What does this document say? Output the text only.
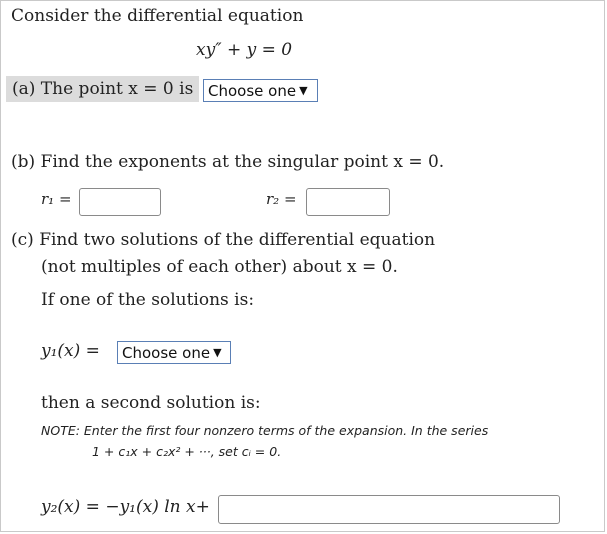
Consider the differential equation
xy″ + y = 0
(a) The point x = 0 is Choose one ▼
(b) Find the exponents at the singular point x = 0.
r₁ =	r₂ =
(c) Find two solutions of the differential equation
(not multiples of each other) about x = 0.
If one of the solutions is:
y₁(x) = Choose one ▼
then a second solution is:
NOTE: Enter the first four nonzero terms of the expansion. In the series
1 + c₁x + c₂x² + ···, set cᵢ = 0.
y₂(x) = −y₁(x) ln x+
